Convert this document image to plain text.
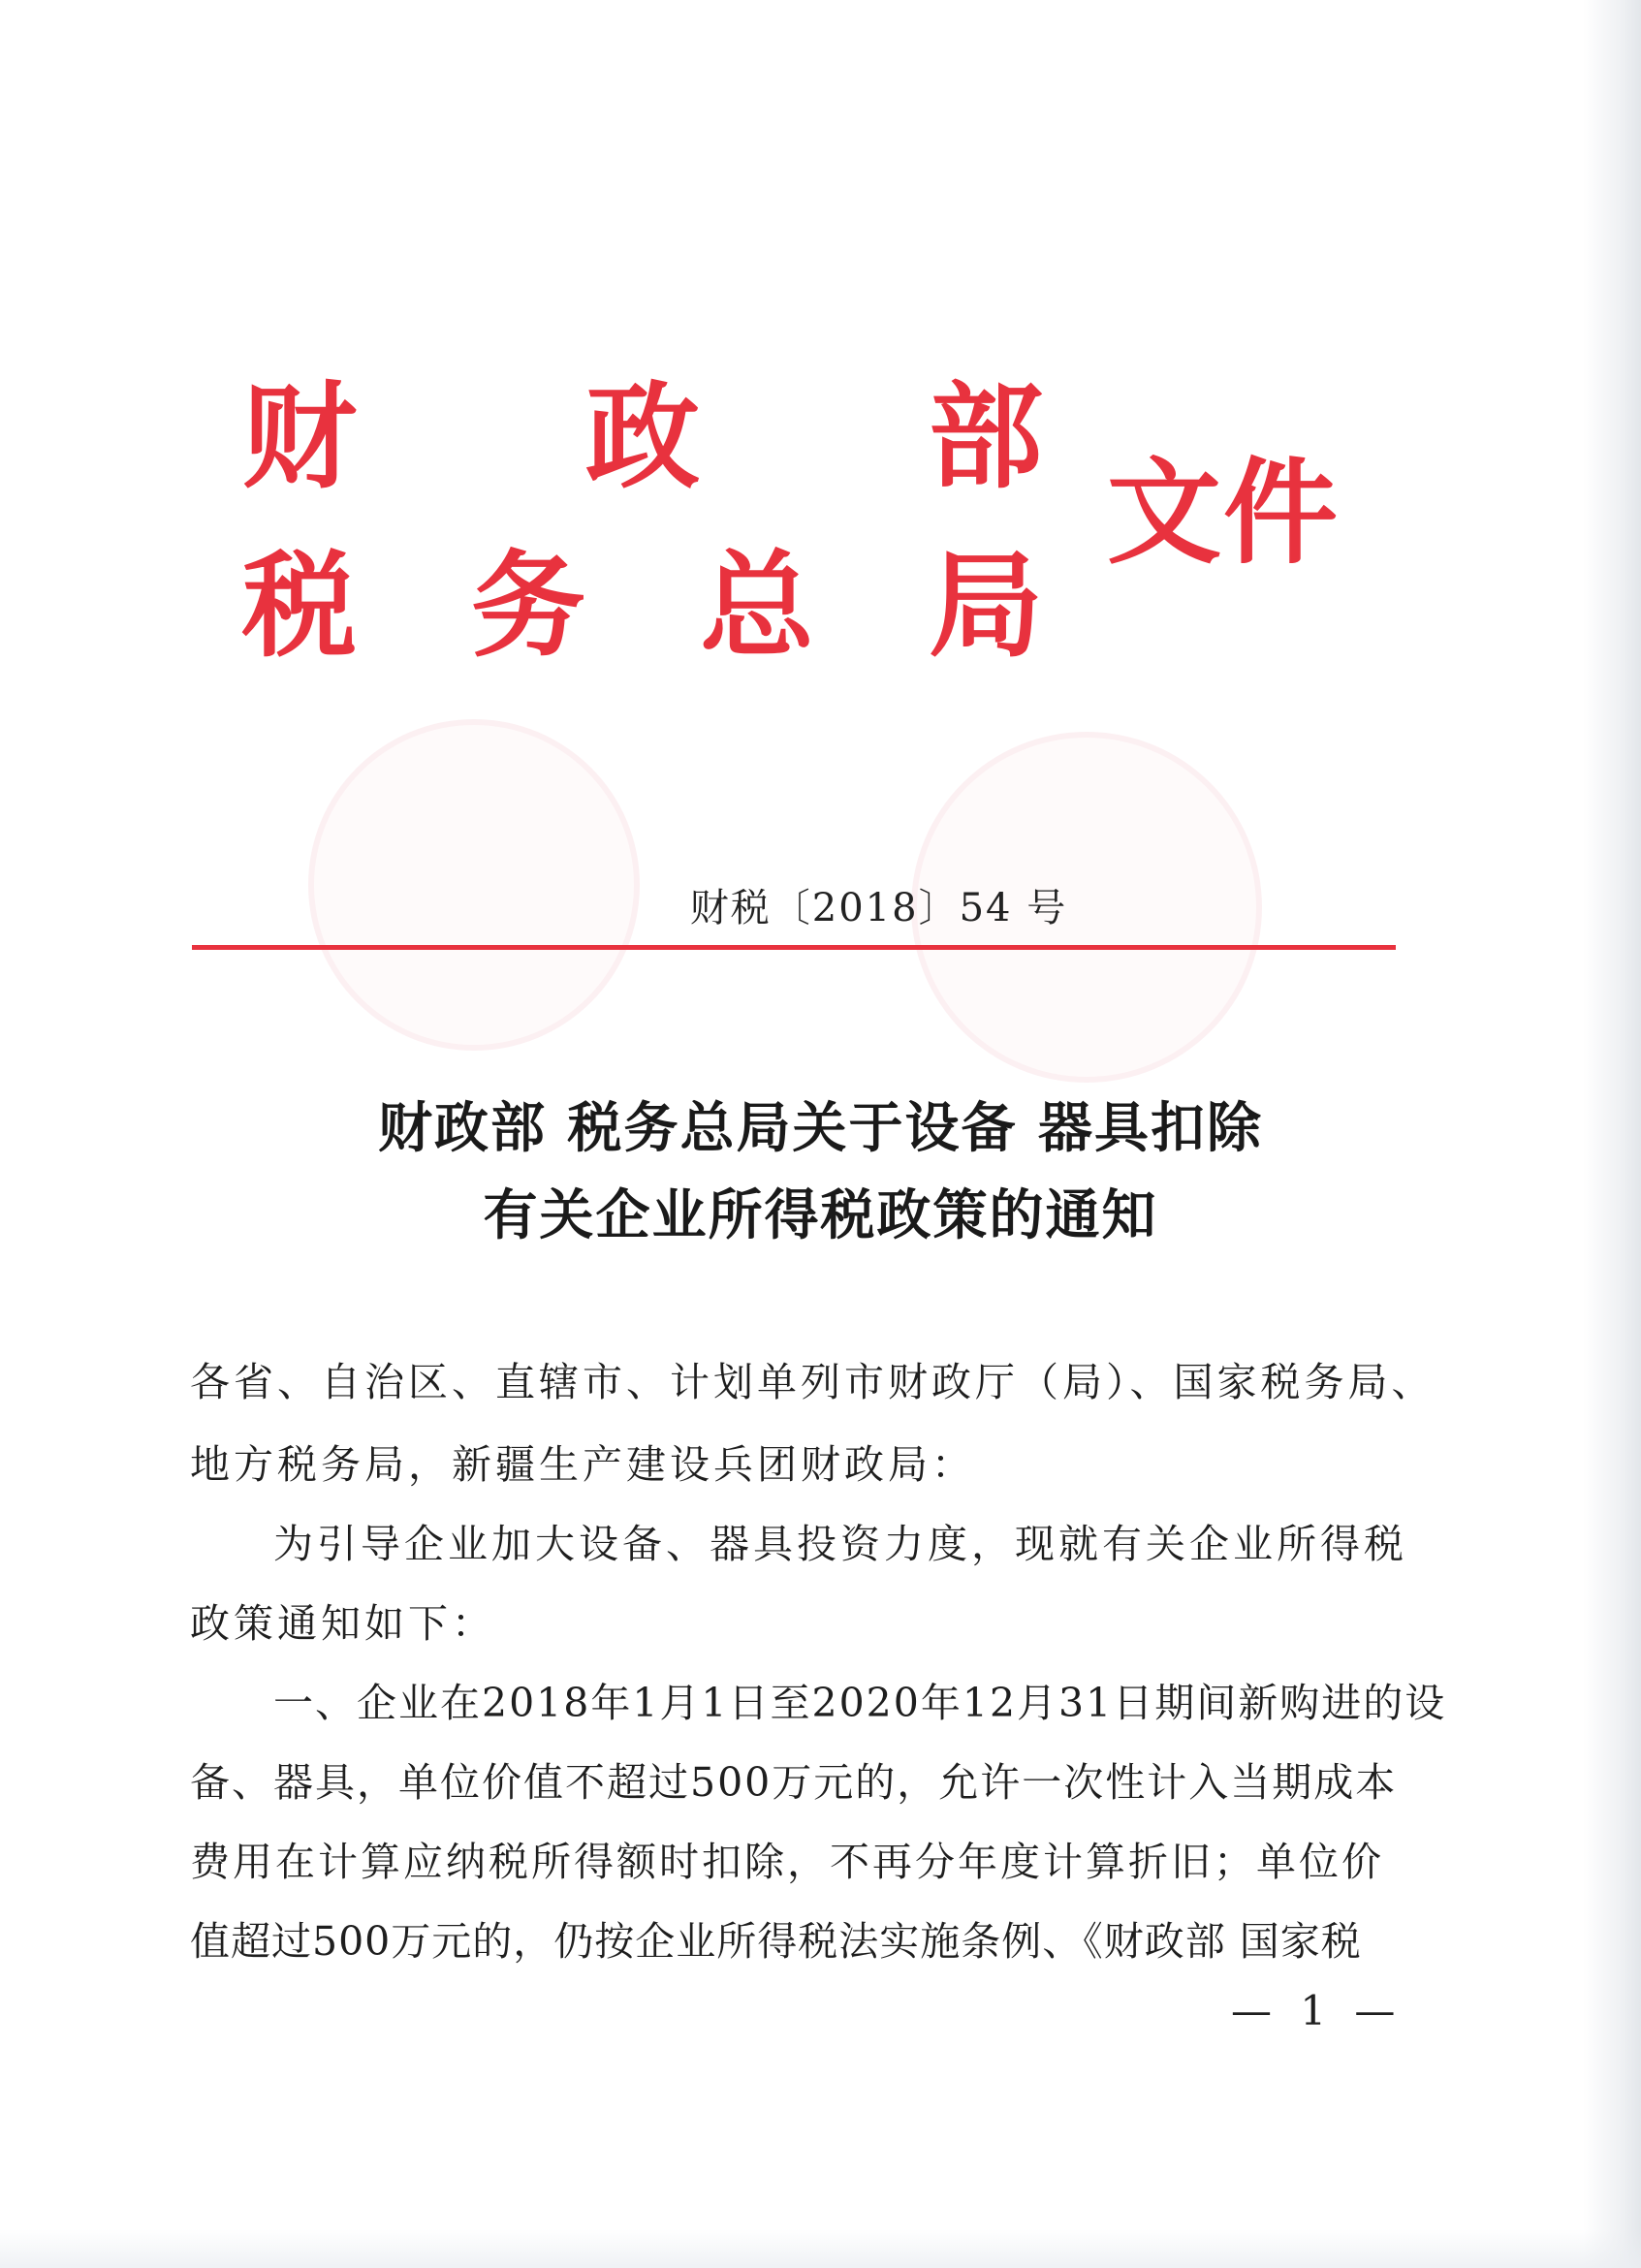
财 政 部
税 务 总 局
文件
财税〔2018〕54 号
财政部 税务总局关于设备 器具扣除
有关企业所得税政策的通知
各省、自治区、直辖市、计划单列市财政厅（局）、国家税务局、
地方税务局，新疆生产建设兵团财政局：
为引导企业加大设备、器具投资力度，现就有关企业所得税
政策通知如下：
一、企业在2018年1月1日至2020年12月31日期间新购进的设
备、器具，单位价值不超过500万元的，允许一次性计入当期成本
费用在计算应纳税所得额时扣除，不再分年度计算折旧；单位价
值超过500万元的，仍按企业所得税法实施条例、《财政部 国家税
— 1 —
